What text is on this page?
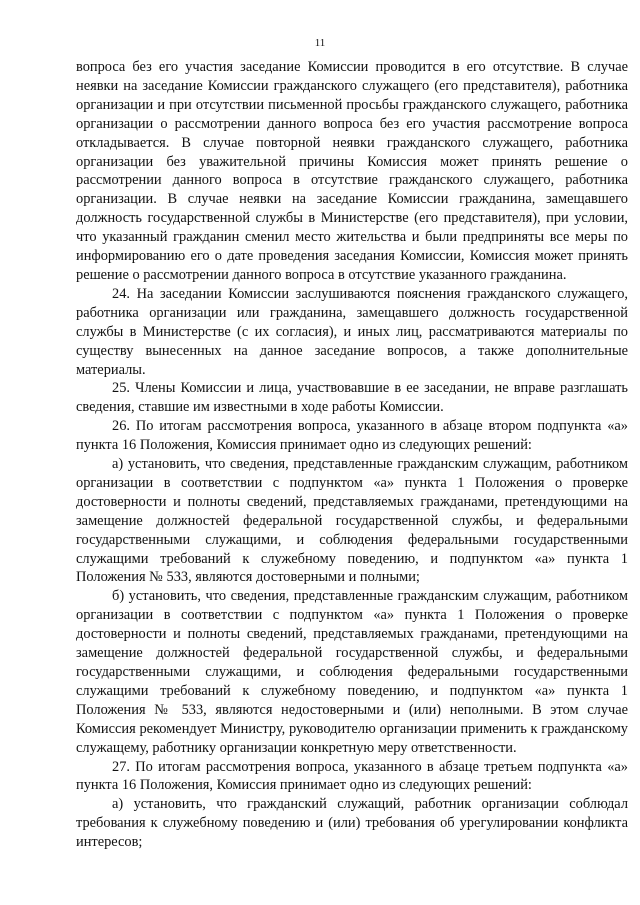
11

вопроса без его участия заседание Комиссии проводится в его отсутствие. В случае неявки на заседание Комиссии гражданского служащего (его представителя), работника организации и при отсутствии письменной просьбы гражданского служащего, работника организации о рассмотрении данного вопроса без его участия рассмотрение вопроса откладывается. В случае повторной неявки гражданского служащего, работника организации без уважительной причины Комиссия может принять решение о рассмотрении данного вопроса в отсутствие гражданского служащего, работника организации. В случае неявки на заседание Комиссии гражданина, замещавшего должность государственной службы в Министерстве (его представителя), при условии, что указанный гражданин сменил место жительства и были предприняты все меры по информированию его о дате проведения заседания Комиссии, Комиссия может принять решение о рассмотрении данного вопроса в отсутствие указанного гражданина.

24. На заседании Комиссии заслушиваются пояснения гражданского служащего, работника организации или гражданина, замещавшего должность государственной службы в Министерстве (с их согласия), и иных лиц, рассматриваются материалы по существу вынесенных на данное заседание вопросов, а также дополнительные материалы.

25. Члены Комиссии и лица, участвовавшие в ее заседании, не вправе разглашать сведения, ставшие им известными в ходе работы Комиссии.

26. По итогам рассмотрения вопроса, указанного в абзаце втором подпункта «а» пункта 16 Положения, Комиссия принимает одно из следующих решений:

а) установить, что сведения, представленные гражданским служащим, работником организации в соответствии с подпунктом «а» пункта 1 Положения о проверке достоверности и полноты сведений, представляемых гражданами, претендующими на замещение должностей федеральной государственной службы, и федеральными государственными служащими, и соблюдения федеральными государственными служащими требований к служебному поведению, и подпунктом «а» пункта 1 Положения № 533, являются достоверными и полными;

б) установить, что сведения, представленные гражданским служащим, работником организации в соответствии с подпунктом «а» пункта 1 Положения о проверке достоверности и полноты сведений, представляемых гражданами, претендующими на замещение должностей федеральной государственной службы, и федеральными государственными служащими, и соблюдения федеральными государственными служащими требований к служебному поведению, и подпунктом «а» пункта 1 Положения № 533, являются недостоверными и (или) неполными. В этом случае Комиссия рекомендует Министру, руководителю организации применить к гражданскому служащему, работнику организации конкретную меру ответственности.

27. По итогам рассмотрения вопроса, указанного в абзаце третьем подпункта «а» пункта 16 Положения, Комиссия принимает одно из следующих решений:

а) установить, что гражданский служащий, работник организации соблюдал требования к служебному поведению и (или) требования об урегулировании конфликта интересов;
